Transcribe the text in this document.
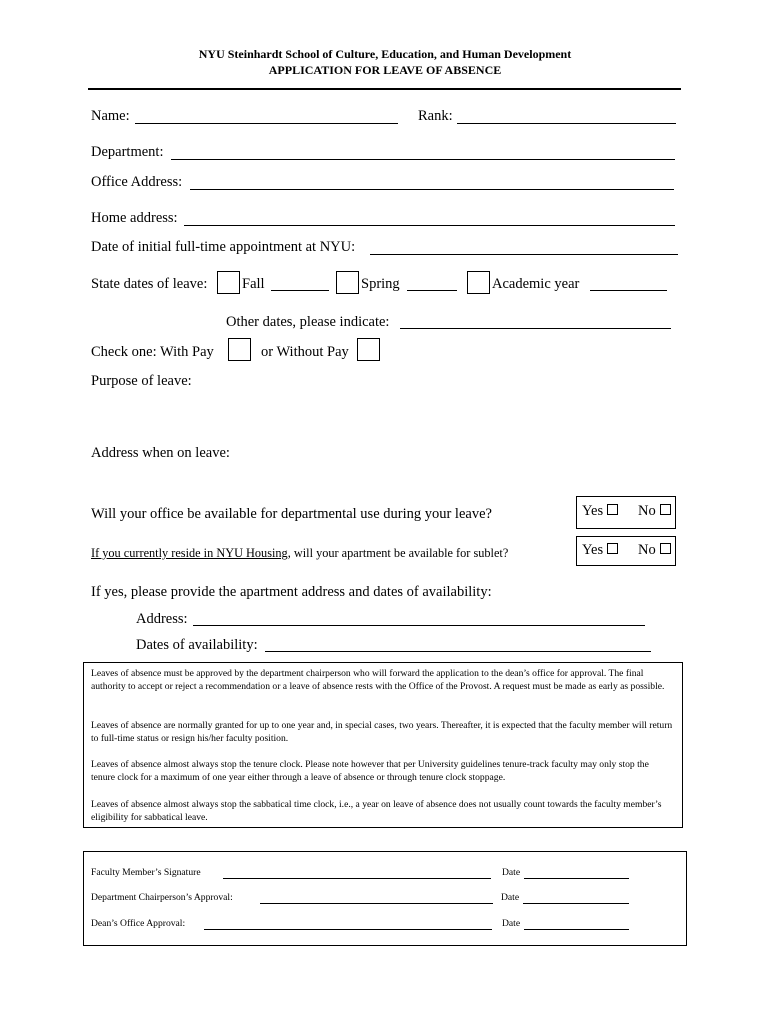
NYU Steinhardt School of Culture, Education, and Human Development
APPLICATION FOR LEAVE OF ABSENCE
Name:	Rank:
Department:
Office Address:
Home address:
Date of initial full-time appointment at NYU:
State dates of leave: Fall	Spring	Academic year
Other dates, please indicate:
Check one: With Pay	or Without Pay
Purpose of leave:
Address when on leave:
Will your office be available for departmental use during your leave?	Yes	No
If you currently reside in NYU Housing, will your apartment be available for sublet?	Yes	No
If yes, please provide the apartment address and dates of availability:
Address:
Dates of availability:

Leaves of absence must be approved by the department chairperson who will forward the application to the dean’s office for approval. The final authority to accept or reject a recommendation or a leave of absence rests with the Office of the Provost. A request must be made as early as possible.

Leaves of absence are normally granted for up to one year and, in special cases, two years. Thereafter, it is expected that the faculty member will return to full-time status or resign his/her faculty position.

Leaves of absence almost always stop the tenure clock. Please note however that per University guidelines tenure-track faculty may only stop the tenure clock for a maximum of one year either through a leave of absence or through tenure clock stoppage.

Leaves of absence almost always stop the sabbatical time clock, i.e., a year on leave of absence does not usually count towards the faculty member’s eligibility for sabbatical leave.

Faculty Member’s Signature	Date
Department Chairperson’s Approval:	Date
Dean’s Office Approval:	Date
